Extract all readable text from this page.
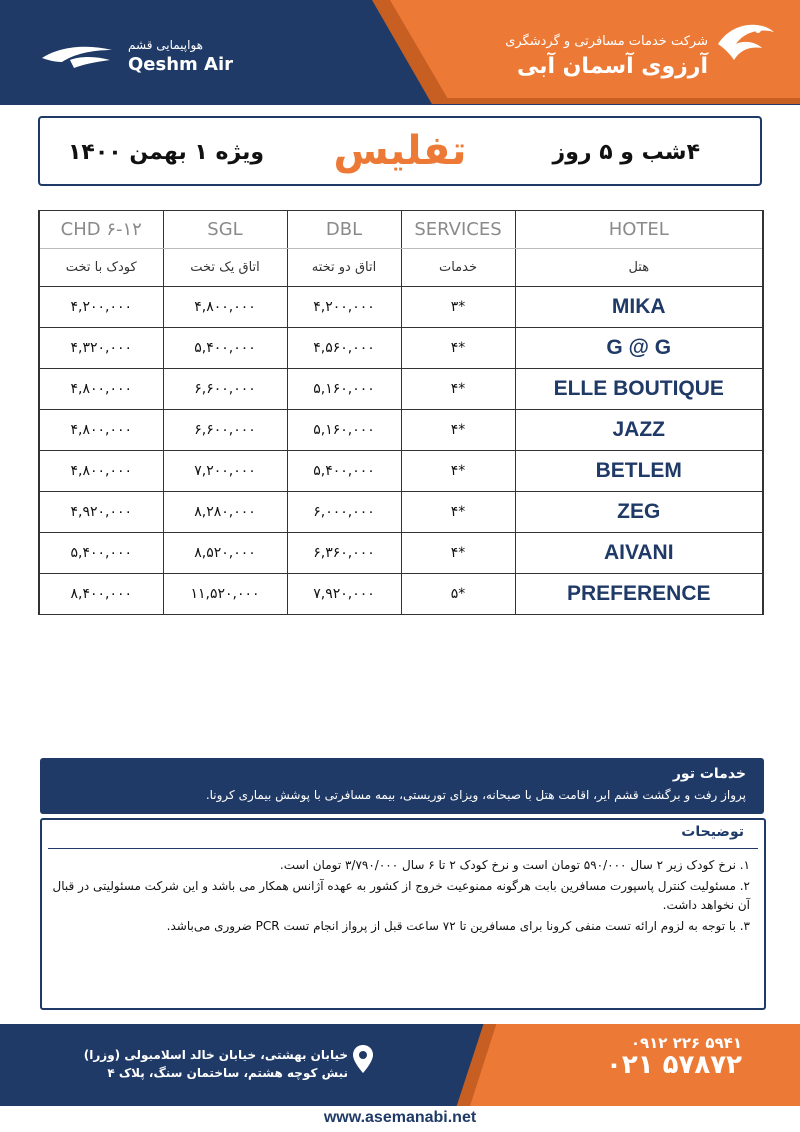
شرکت خدمات مسافرتی و گردشگری
آرزوی آسمان آبی
هواپیمایی قشم
Qeshm Air
۴شب و ۵ روز
تفلیس
ویژه ۱ بهمن ۱۴۰۰
CHD ۶-۱۲	SGL	DBL	SERVICES	HOTEL
کودک با تخت	اتاق یک تخت	اتاق دو تخته	خدمات	هتل
۴,۲۰۰,۰۰۰	۴,۸۰۰,۰۰۰	۴,۲۰۰,۰۰۰	۳*	MIKA
۴,۳۲۰,۰۰۰	۵,۴۰۰,۰۰۰	۴,۵۶۰,۰۰۰	۴*	G @ G
۴,۸۰۰,۰۰۰	۶,۶۰۰,۰۰۰	۵,۱۶۰,۰۰۰	۴*	ELLE BOUTIQUE
۴,۸۰۰,۰۰۰	۶,۶۰۰,۰۰۰	۵,۱۶۰,۰۰۰	۴*	JAZZ
۴,۸۰۰,۰۰۰	۷,۲۰۰,۰۰۰	۵,۴۰۰,۰۰۰	۴*	BETLEM
۴,۹۲۰,۰۰۰	۸,۲۸۰,۰۰۰	۶,۰۰۰,۰۰۰	۴*	ZEG
۵,۴۰۰,۰۰۰	۸,۵۲۰,۰۰۰	۶,۳۶۰,۰۰۰	۴*	AIVANI
۸,۴۰۰,۰۰۰	۱۱,۵۲۰,۰۰۰	۷,۹۲۰,۰۰۰	۵*	PREFERENCE
خدمات تور
پرواز رفت و برگشت قشم ایر، اقامت هتل با صبحانه، ویزای توریستی، بیمه مسافرتی با پوشش بیماری کرونا.
توضیحات
۱. نرخ کودک زیر ۲ سال ۵۹۰/۰۰۰ تومان است و نرخ کودک ۲ تا ۶ سال ۳/۷۹۰/۰۰۰ تومان است.
۲. مسئولیت کنترل پاسپورت مسافرین بابت هرگونه ممنوعیت خروج از کشور به عهده آژانس همکار می باشد و این شرکت مسئولیتی در قبال آن نخواهد داشت.
۳. با توجه به لزوم ارائه تست منفی کرونا برای مسافرین تا ۷۲ ساعت قبل از پرواز انجام تست PCR ضروری می‌باشد.
۰۹۱۲ ۲۲۶ ۵۹۴۱
۰۲۱ ۵۷۸۷۲
خیابان بهشتی، خیابان خالد اسلامبولی (وزرا)
نبش کوچه هشتم، ساختمان سنگ، پلاک ۴
www.asemanabi.net
